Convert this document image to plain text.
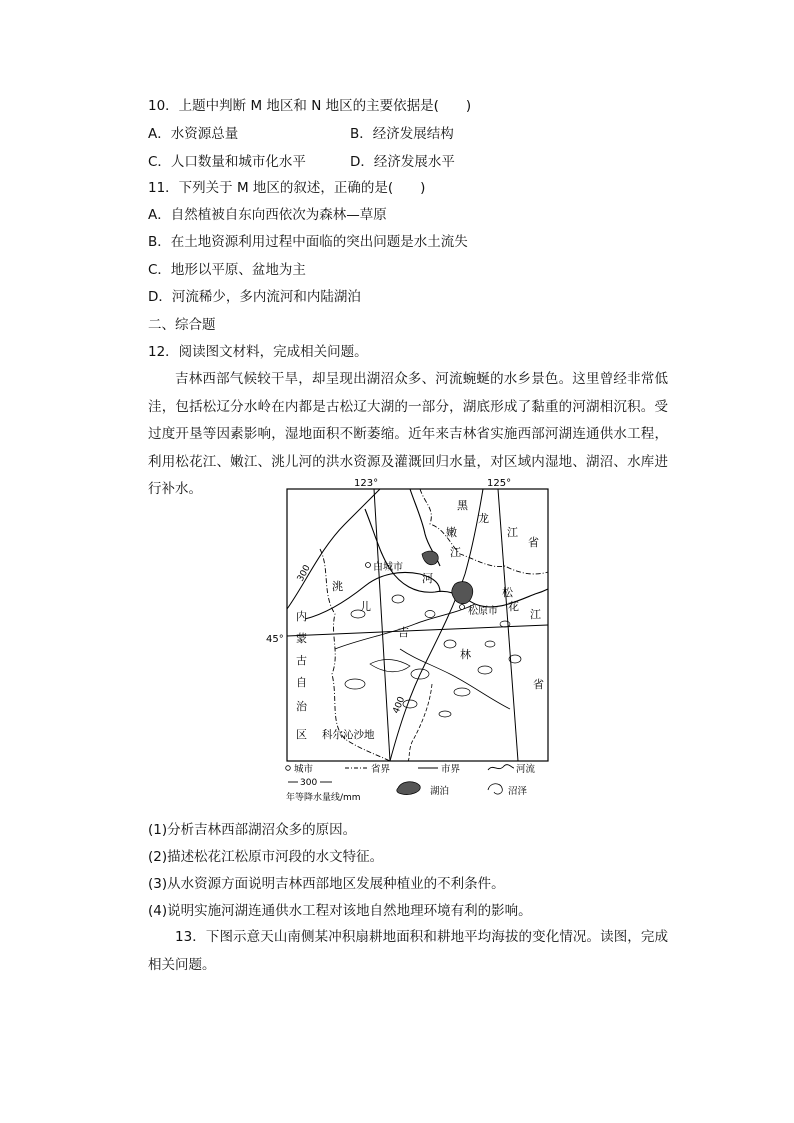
10．上题中判断 M 地区和 N 地区的主要依据是(　　)
A．水资源总量	B．经济发展结构
C．人口数量和城市化水平	D．经济发展水平
11．下列关于 M 地区的叙述，正确的是(　　)
A．自然植被自东向西依次为森林—草原
B．在土地资源利用过程中面临的突出问题是水土流失
C．地形以平原、盆地为主
D．河流稀少，多内流河和内陆湖泊
二、综合题
12．阅读图文材料，完成相关问题。
吉林西部气候较干旱，却呈现出湖沼众多、河流蜿蜒的水乡景色。这里曾经非常低洼，包括松辽分水岭在内都是古松辽大湖的一部分，湖底形成了黏重的河湖相沉积。受过度开垦等因素影响，湿地面积不断萎缩。近年来吉林省实施西部河湖连通供水工程，利用松花江、嫩江、洮儿河的洪水资源及灌溉回归水量，对区域内湿地、湖沼、水库进行补水。	123°	125°
45°
300
400
黑
龙
江
省
嫩
江
白城市
洮
儿
河
松
花
江
松原市
吉
林
省
内
蒙
古
自
治
区 科尔沁沙地
城市	省界	市界	河流
300
年等降水量线/mm
湖泊	沼泽
(1)分析吉林西部湖沼众多的原因。
(2)描述松花江松原市河段的水文特征。
(3)从水资源方面说明吉林西部地区发展种植业的不利条件。
(4)说明实施河湖连通供水工程对该地自然地理环境有利的影响。
13．下图示意天山南侧某冲积扇耕地面积和耕地平均海拔的变化情况。读图，完成相关问题。
